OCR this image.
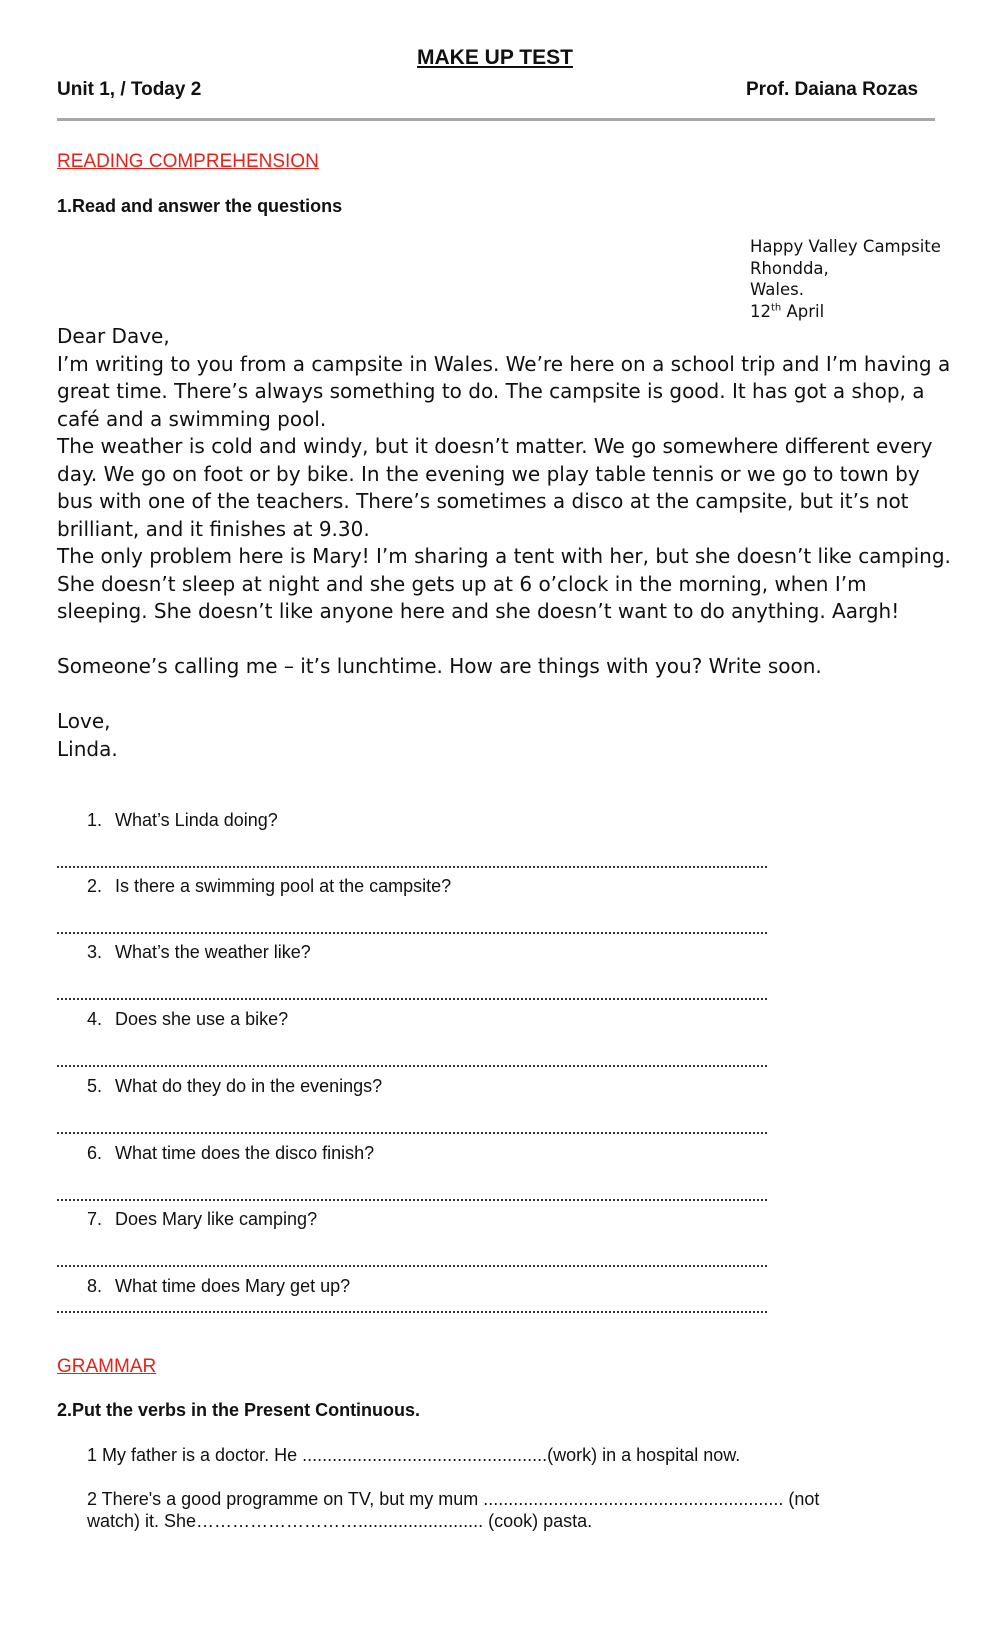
MAKE UP TEST
Unit 1, / Today 2	Prof. Daiana Rozas
READING COMPREHENSION
1.Read and answer the questions
Happy Valley Campsite
Rhondda,
Wales.
12th April

Dear Dave,

I’m writing to you from a campsite in Wales. We’re here on a school trip and I’m having a great time. There’s always something to do. The campsite is good. It has got a shop, a café and a swimming pool.

The weather is cold and windy, but it doesn’t matter. We go somewhere different every day. We go on foot or by bike. In the evening we play table tennis or we go to town by bus with one of the teachers. There’s sometimes a disco at the campsite, but it’s not brilliant, and it finishes at 9.30.

The only problem here is Mary! I’m sharing a tent with her, but she doesn’t like camping. She doesn’t sleep at night and she gets up at 6 o’clock in the morning, when I’m sleeping. She doesn’t like anyone here and she doesn’t want to do anything. Aargh!

Someone’s calling me – it’s lunchtime. How are things with you? Write soon.

Love,

Linda.

1. What’s Linda doing?
2. Is there a swimming pool at the campsite?
3. What’s the weather like?
4. Does she use a bike?
5. What do they do in the evenings?
6. What time does the disco finish?
7. Does Mary like camping?
8. What time does Mary get up?
GRAMMAR
2.Put the verbs in the Present Continuous.
1 My father is a doctor. He .................................................(work) in a hospital now.
2 There's a good programme on TV, but my mum ............................................................ (not
watch) it. She………………………......................... (cook) pasta.
